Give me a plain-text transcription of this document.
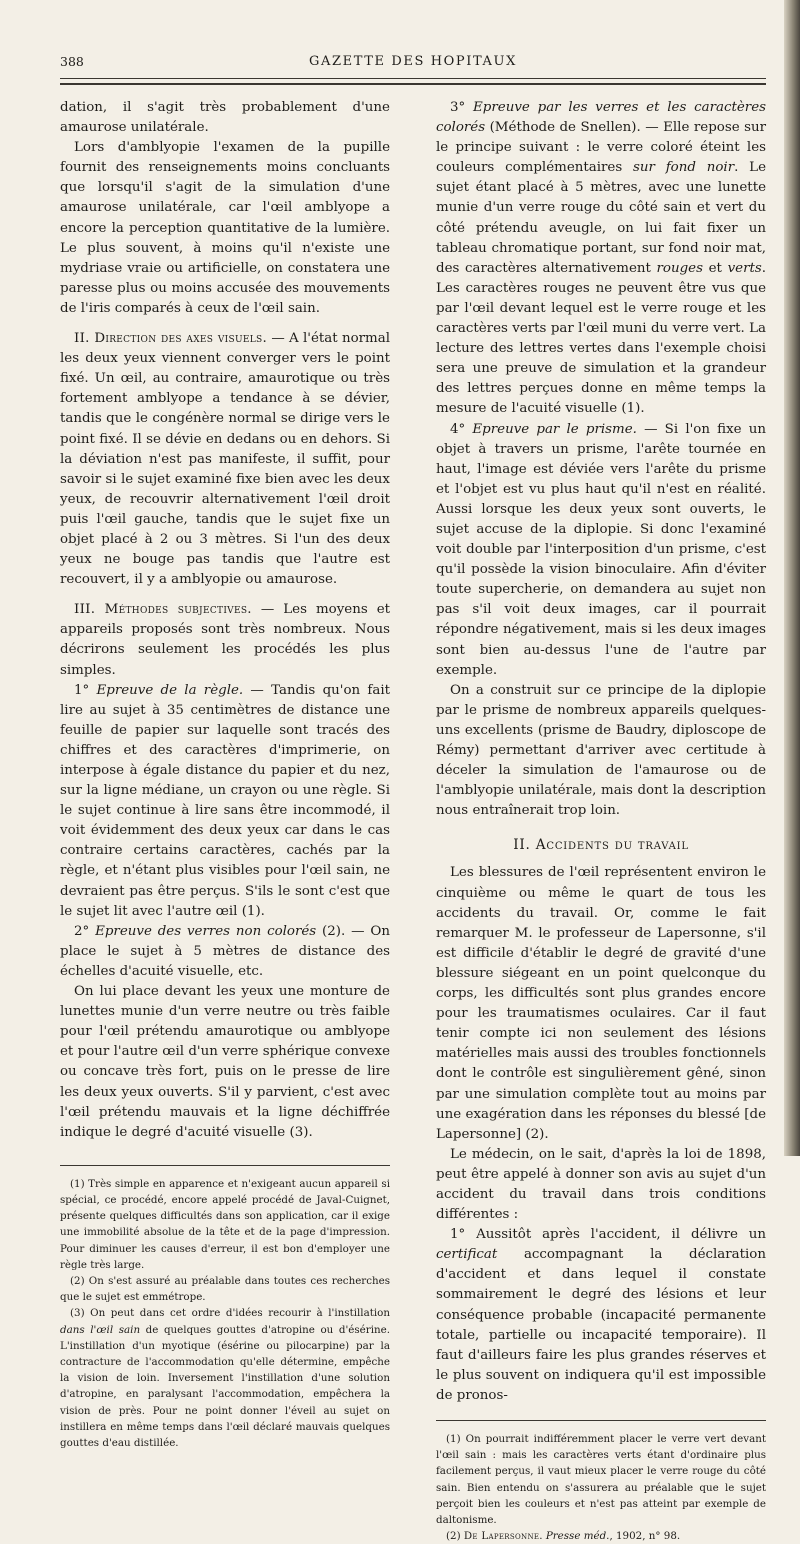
388	GAZETTE DES HOPITAUX

dation, il s'agit très probablement d'une amaurose unilatérale.

Lors d'amblyopie l'examen de la pupille fournit des renseignements moins concluants que lorsqu'il s'agit de la simulation d'une amaurose unilatérale, car l'œil amblyope a encore la perception quantitative de la lumière. Le plus souvent, à moins qu'il n'existe une mydriase vraie ou artificielle, on constatera une paresse plus ou moins accusée des mouvements de l'iris comparés à ceux de l'œil sain.

II. Direction des axes visuels. — A l'état normal les deux yeux viennent converger vers le point fixé. Un œil, au contraire, amaurotique ou très fortement amblyope a tendance à se dévier, tandis que le congénère normal se dirige vers le point fixé. Il se dévie en dedans ou en dehors. Si la déviation n'est pas manifeste, il suffit, pour savoir si le sujet examiné fixe bien avec les deux yeux, de recouvrir alternativement l'œil droit puis l'œil gauche, tandis que le sujet fixe un objet placé à 2 ou 3 mètres. Si l'un des deux yeux ne bouge pas tandis que l'autre est recouvert, il y a amblyopie ou amaurose.

III. Méthodes subjectives. — Les moyens et appareils proposés sont très nombreux. Nous décrirons seulement les procédés les plus simples.

1° Epreuve de la règle. — Tandis qu'on fait lire au sujet à 35 centimètres de distance une feuille de papier sur laquelle sont tracés des chiffres et des caractères d'imprimerie, on interpose à égale distance du papier et du nez, sur la ligne médiane, un crayon ou une règle. Si le sujet continue à lire sans être incommodé, il voit évidemment des deux yeux car dans le cas contraire certains caractères, cachés par la règle, et n'étant plus visibles pour l'œil sain, ne devraient pas être perçus. S'ils le sont c'est que le sujet lit avec l'autre œil (1).

2° Epreuve des verres non colorés (2). — On place le sujet à 5 mètres de distance des échelles d'acuité visuelle, etc.

On lui place devant les yeux une monture de lunettes munie d'un verre neutre ou très faible pour l'œil prétendu amaurotique ou amblyope et pour l'autre œil d'un verre sphérique convexe ou concave très fort, puis on le presse de lire les deux yeux ouverts. S'il y parvient, c'est avec l'œil prétendu mauvais et la ligne déchiffrée indique le degré d'acuité visuelle (3).

(1) Très simple en apparence et n'exigeant aucun appareil si spécial, ce procédé, encore appelé procédé de Javal-Cuignet, présente quelques difficultés dans son application, car il exige une immobilité absolue de la tête et de la page d'impression. Pour diminuer les causes d'erreur, il est bon d'employer une règle très large.
(2) On s'est assuré au préalable dans toutes ces recherches que le sujet est emmétrope.
(3) On peut dans cet ordre d'idées recourir à l'instillation dans l'œil sain de quelques gouttes d'atropine ou d'ésérine. L'instillation d'un myotique (ésérine ou pilocarpine) par la contracture de l'accommodation qu'elle détermine, empêche la vision de loin. Inversement l'instillation d'une solution d'atropine, en paralysant l'accommodation, empêchera la vision de près. Pour ne point donner l'éveil au sujet on instillera en même temps dans l'œil déclaré mauvais quelques gouttes d'eau distillée.

3° Epreuve par les verres et les caractères colorés (Méthode de Snellen). — Elle repose sur le principe suivant : le verre coloré éteint les couleurs complémentaires sur fond noir. Le sujet étant placé à 5 mètres, avec une lunette munie d'un verre rouge du côté sain et vert du côté prétendu aveugle, on lui fait fixer un tableau chromatique portant, sur fond noir mat, des caractères alternativement rouges et verts. Les caractères rouges ne peuvent être vus que par l'œil devant lequel est le verre rouge et les caractères verts par l'œil muni du verre vert. La lecture des lettres vertes dans l'exemple choisi sera une preuve de simulation et la grandeur des lettres perçues donne en même temps la mesure de l'acuité visuelle (1).

4° Epreuve par le prisme. — Si l'on fixe un objet à travers un prisme, l'arête tournée en haut, l'image est déviée vers l'arête du prisme et l'objet est vu plus haut qu'il n'est en réalité. Aussi lorsque les deux yeux sont ouverts, le sujet accuse de la diplopie. Si donc l'examiné voit double par l'interposition d'un prisme, c'est qu'il possède la vision binoculaire. Afin d'éviter toute supercherie, on demandera au sujet non pas s'il voit deux images, car il pourrait répondre négativement, mais si les deux images sont bien au-dessus l'une de l'autre par exemple.

On a construit sur ce principe de la diplopie par le prisme de nombreux appareils quelques-uns excellents (prisme de Baudry, diploscope de Rémy) permettant d'arriver avec certitude à déceler la simulation de l'amaurose ou de l'amblyopie unilatérale, mais dont la description nous entraînerait trop loin.

II. Accidents du travail

Les blessures de l'œil représentent environ le cinquième ou même le quart de tous les accidents du travail. Or, comme le fait remarquer M. le professeur de Lapersonne, s'il est difficile d'établir le degré de gravité d'une blessure siégeant en un point quelconque du corps, les difficultés sont plus grandes encore pour les traumatismes oculaires. Car il faut tenir compte ici non seulement des lésions matérielles mais aussi des troubles fonctionnels dont le contrôle est singulièrement gêné, sinon par une simulation complète tout au moins par une exagération dans les réponses du blessé [de Lapersonne] (2).

Le médecin, on le sait, d'après la loi de 1898, peut être appelé à donner son avis au sujet d'un accident du travail dans trois conditions différentes :

1° Aussitôt après l'accident, il délivre un certificat accompagnant la déclaration d'accident et dans lequel il constate sommairement le degré des lésions et leur conséquence probable (incapacité permanente totale, partielle ou incapacité temporaire). Il faut d'ailleurs faire les plus grandes réserves et le plus souvent on indiquera qu'il est impossible de pronos-

(1) On pourrait indifféremment placer le verre vert devant l'œil sain : mais les caractères verts étant d'ordinaire plus facilement perçus, il vaut mieux placer le verre rouge du côté sain. Bien entendu on s'assurera au préalable que le sujet perçoit bien les couleurs et n'est pas atteint par exemple de daltonisme.
(2) De Lapersonne. Presse méd., 1902, n° 98.
